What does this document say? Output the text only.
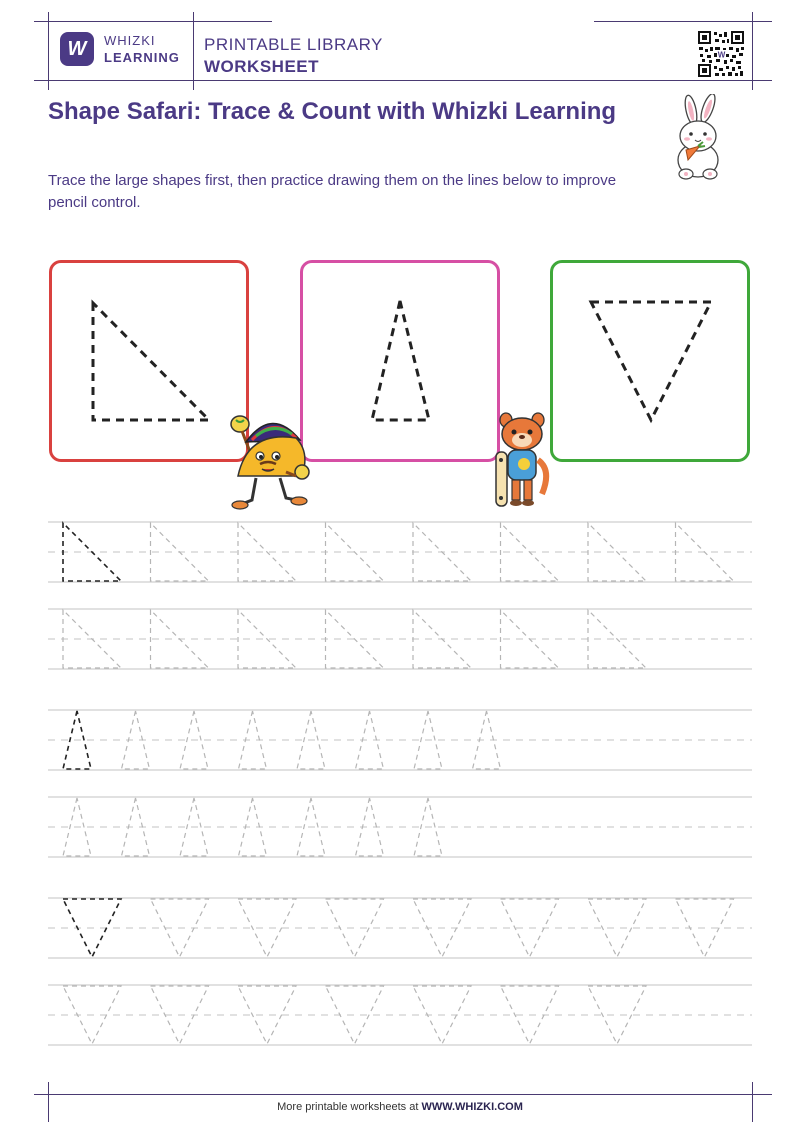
W WHIZKI
LEARNING
PRINTABLE LIBRARY
WORKSHEET
W
Shape Safari: Trace & Count with Whizki Learning
Trace the large shapes first, then practice drawing them on the lines below to improve pencil control.
More printable worksheets at WWW.WHIZKI.COM
